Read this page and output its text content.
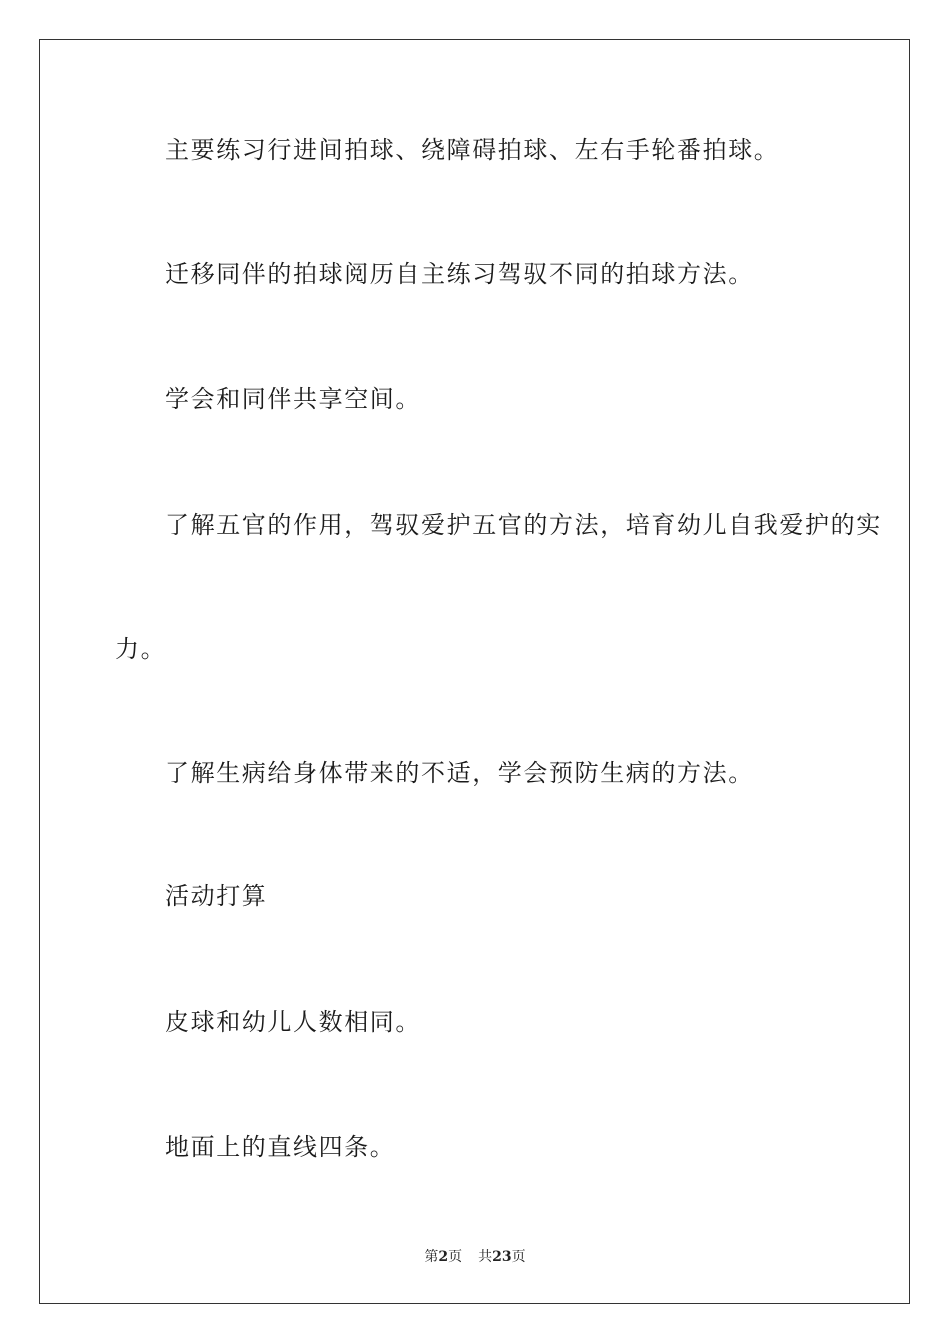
主要练习行进间拍球、绕障碍拍球、左右手轮番拍球。
迁移同伴的拍球阅历自主练习驾驭不同的拍球方法。
学会和同伴共享空间。
了解五官的作用，驾驭爱护五官的方法，培育幼儿自我爱护的实
力。
了解生病给身体带来的不适，学会预防生病的方法。
活动打算
皮球和幼儿人数相同。
地面上的直线四条。
第2页 共23页
